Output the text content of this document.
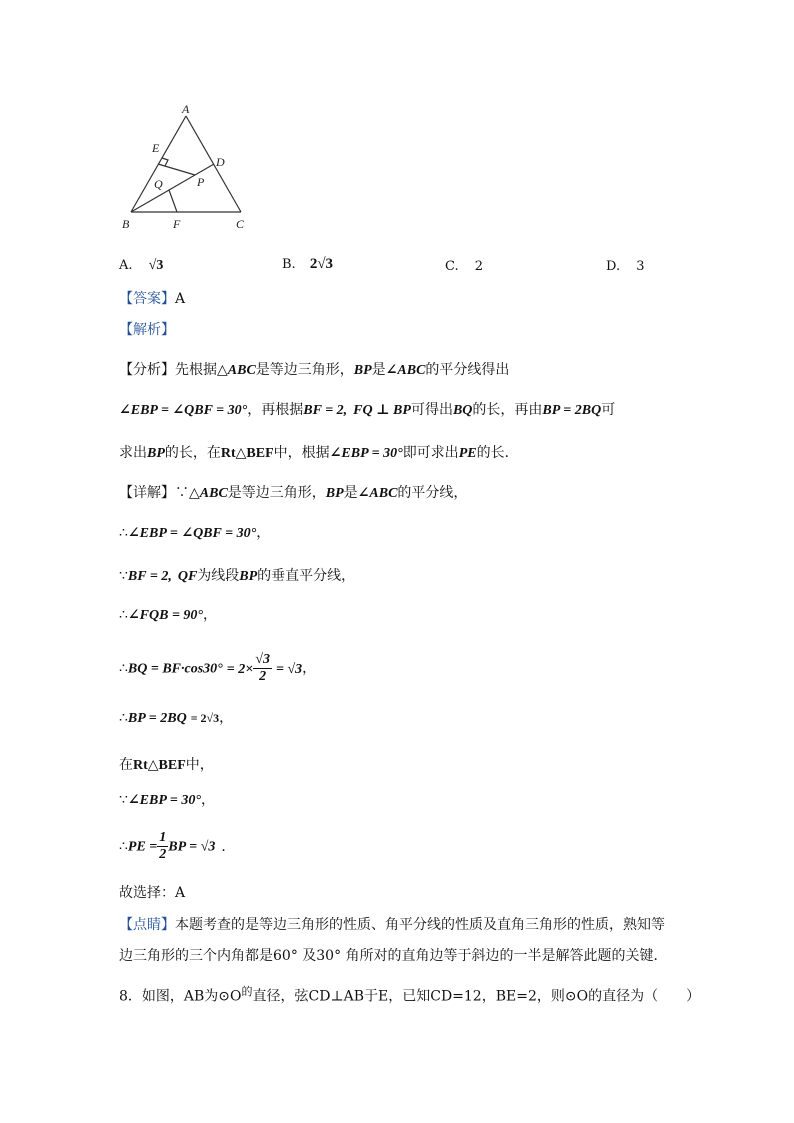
A
E
D
Q	P
B	F	C
A. √3	B. 2√3	C. 2	D. 3
【答案】A
【解析】
【分析】先根据△ABC是等边三角形，BP是∠ABC的平分线得出
∠EBP = ∠QBF = 30°，再根据BF = 2, FQ ⊥ BP可得出BQ的长，再由BP = 2BQ可
求出BP的长，在Rt△BEF中，根据∠EBP = 30°即可求出PE的长．
【详解】∵△ABC是等边三角形，BP是∠ABC的平分线，
∴∠EBP = ∠QBF = 30°，
∵BF = 2, QF为线段BP的垂直平分线，
∴∠FQB = 90°，
∴BQ = $BF\cdot\cos 30^\circ = 2\times \frac{√3}{2} = √3$，
∴BP = 2BQ = 2√3，
在Rt△BEF中，
∵∠EBP = 30°，
∴PE = $\frac{1}{2}$ BP = √3 ．
故选择：A
【点睛】本题考查的是等边三角形的性质、角平分线的性质及直角三角形的性质，熟知等
边三角形的三个内角都是60° 及30° 角所对的直角边等于斜边的一半是解答此题的关键．
8．如图，AB为$⊙O^的$直径，弦CD⊥AB于E，已知CD=12，BE=2，则⊙O的直径为（　　）
